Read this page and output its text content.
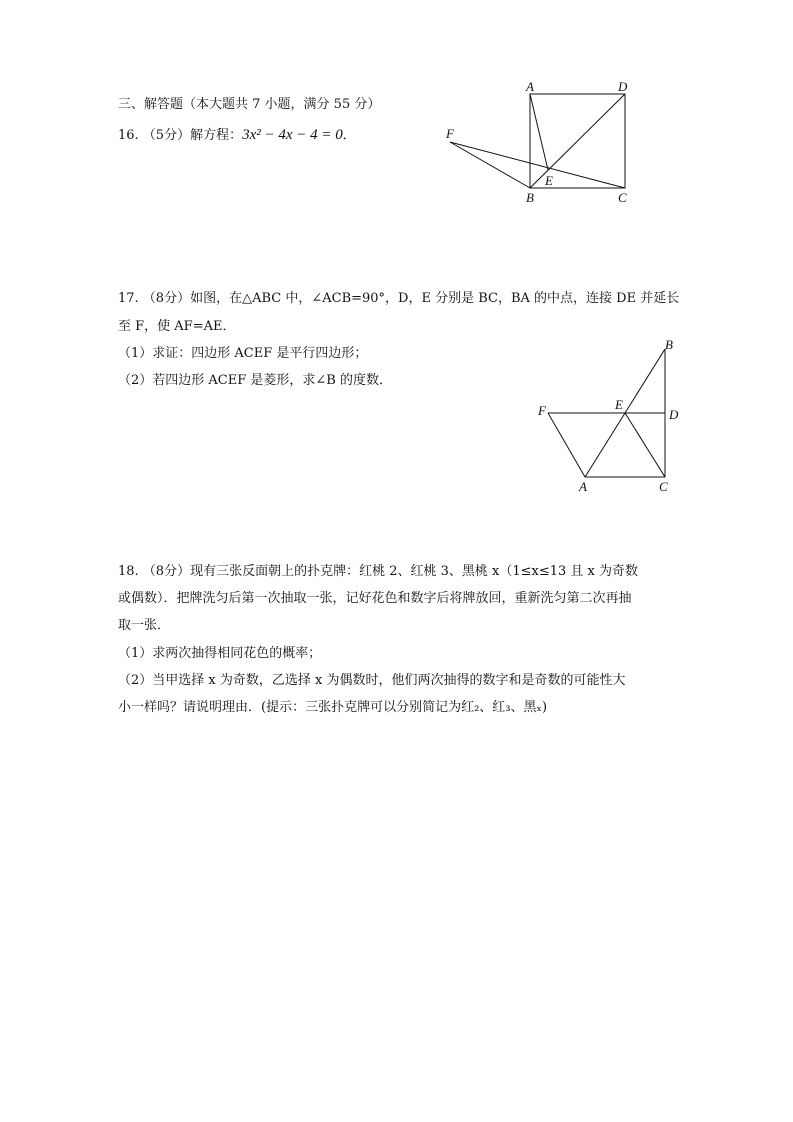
三、解答题（本大题共 7 小题，满分 55 分）
16. （5分）解方程：3x² − 4x − 4 = 0．
A	D
F
E
B	C
17. （8分）如图，在△ABC 中，∠ACB=90°，D，E 分别是 BC，BA 的中点，连接 DE 并延长
至 F，使 AF=AE．
（1）求证：四边形 ACEF 是平行四边形；
（2）若四边形 ACEF 是菱形，求∠B 的度数．
B
F	E
D
A	C
18. （8分）现有三张反面朝上的扑克牌：红桃 2、红桃 3、黑桃 x（1≤x≤13 且 x 为奇数
或偶数）．把牌洗匀后第一次抽取一张，记好花色和数字后将牌放回，重新洗匀第二次再抽
取一张．
（1）求两次抽得相同花色的概率；
（2）当甲选择 x 为奇数，乙选择 x 为偶数时，他们两次抽得的数字和是奇数的可能性大
小一样吗？请说明理由．(提示：三张扑克牌可以分别简记为红₂、红₃、黑ₓ)
